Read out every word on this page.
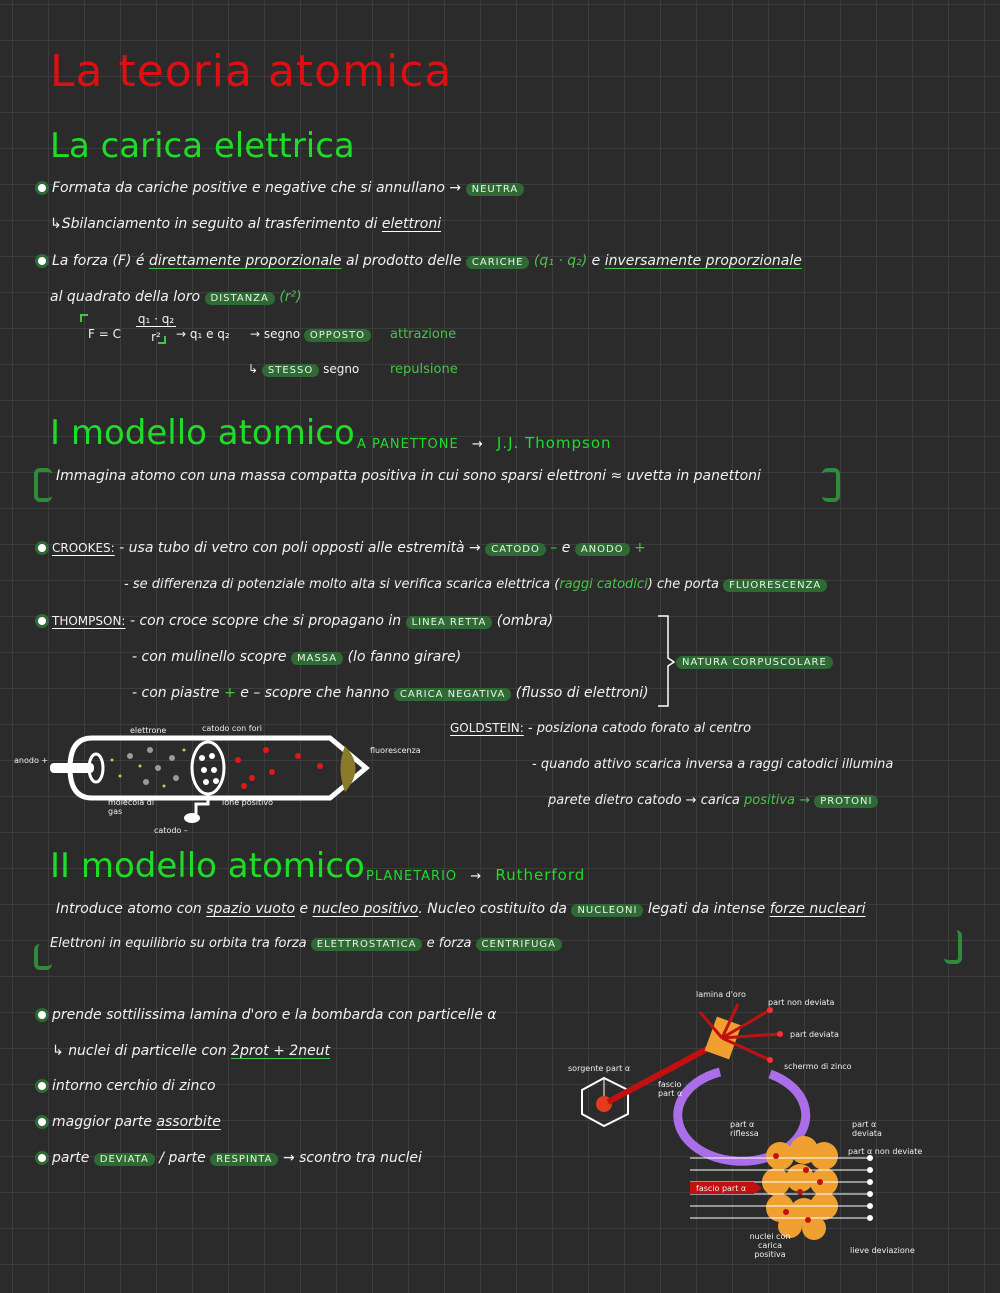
La teoria atomica
La carica elettrica
Formata da cariche positive e negative che si annullano → NEUTRA
↳Sbilanciamento in seguito al trasferimento di elettroni
La forza (F) é direttamente proporzionale al prodotto delle CARICHE (q₁ · q₂) e inversamente proporzionale
al quadrato della loro DISTANZA (r²)
F = C
q₁ · q₂
r²	→ q₁ e q₂ → segno OPPOSTO	attrazione
↳ STESSO segno repulsione
I modello atomico A PANETTONE → J.J. Thompson
Immagina atomo con una massa compatta positiva in cui sono sparsi elettroni ≈ uvetta in panettoni
CROOKES: - usa tubo di vetro con poli opposti alle estremità → CATODO – e ANODO +
- se differenza di potenziale molto alta si verifica scarica elettrica (raggi catodici) che porta FLUORESCENZA
THOMPSON: - con croce scopre che si propagano in LINEA RETTA (ombra)
- con mulinello scopre MASSA (lo fanno girare)
- con piastre + e – scopre che hanno CARICA NEGATIVA (flusso di elettroni)
NATURA CORPUSCOLARE
GOLDSTEIN: - posiziona catodo forato al centro
- quando attivo scarica inversa a raggi catodici illumina
parete dietro catodo → carica positiva → PROTONI
elettrone	catodo con fori
fluorescenza
anodo +
molecola di gas
ione positivo
catodo –
II modello atomico PLANETARIO → Rutherford
Introduce atomo con spazio vuoto e nucleo positivo. Nucleo costituito da NUCLEONI legati da intense forze nucleari
Elettroni in equilibrio su orbita tra forza ELETTROSTATICA e forza CENTRIFUGA
prende sottilissima lamina d'oro e la bombarda con particelle α
↳ nuclei di particelle con 2prot + 2neut
intorno cerchio di zinco
maggior parte assorbite
parte DEVIATA / parte RESPINTA → scontro tra nuclei
lamina d'oro
part non deviata
part deviata
schermo di zinco
sorgente part α
fascio part α
part α riflessa
part α deviata
part α non deviate
fascio part α
nuclei con carica positiva	lieve deviazione
